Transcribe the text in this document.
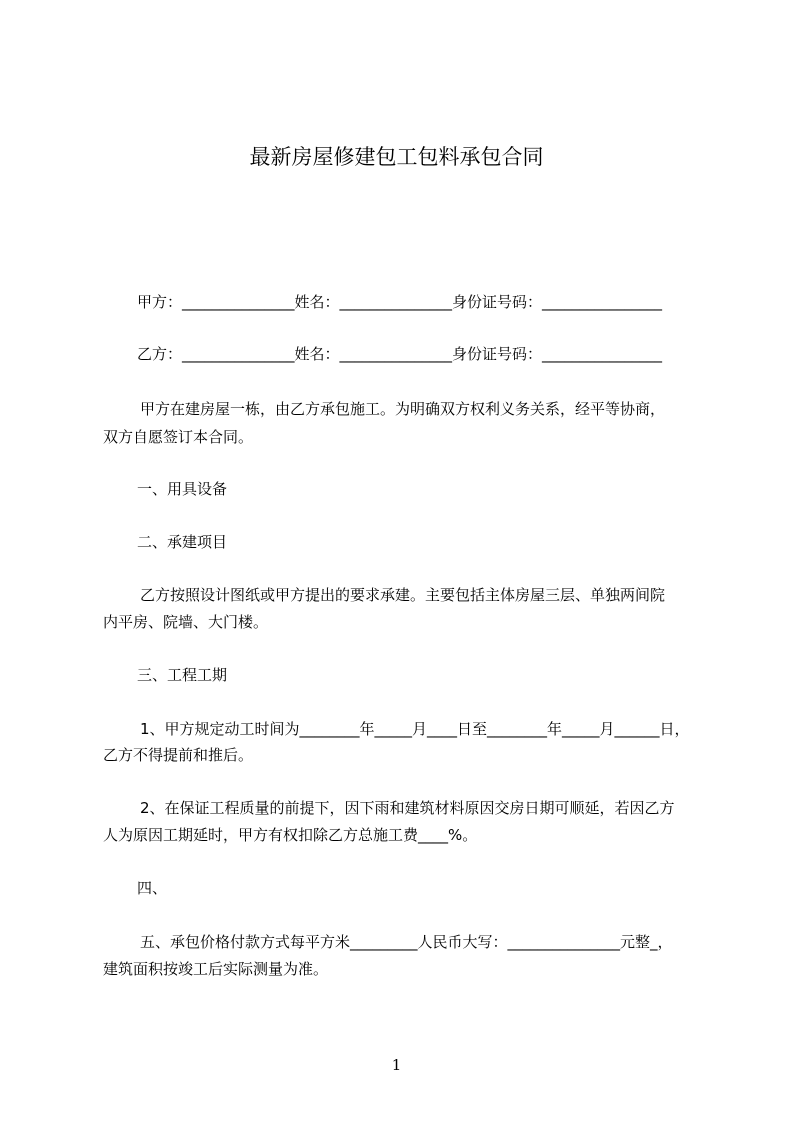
最新房屋修建包工包料承包合同
甲方：_______________姓名：_______________身份证号码：________________
乙方：_______________姓名：_______________身份证号码：________________
甲方在建房屋一栋，由乙方承包施工。为明确双方权利义务关系，经平等协商，
双方自愿签订本合同。
一、用具设备
二、承建项目
乙方按照设计图纸或甲方提出的要求承建。主要包括主体房屋三层、单独两间院
内平房、院墙、大门楼。
三、工程工期
1、甲方规定动工时间为________年_____月____日至________年_____月______日，
乙方不得提前和推后。
2、在保证工程质量的前提下，因下雨和建筑材料原因交房日期可顺延，若因乙方
人为原因工期延时，甲方有权扣除乙方总施工费____%。
四、
五、承包价格付款方式每平方米_________人民币大写：_______________元整_，
建筑面积按竣工后实际测量为准。
1
